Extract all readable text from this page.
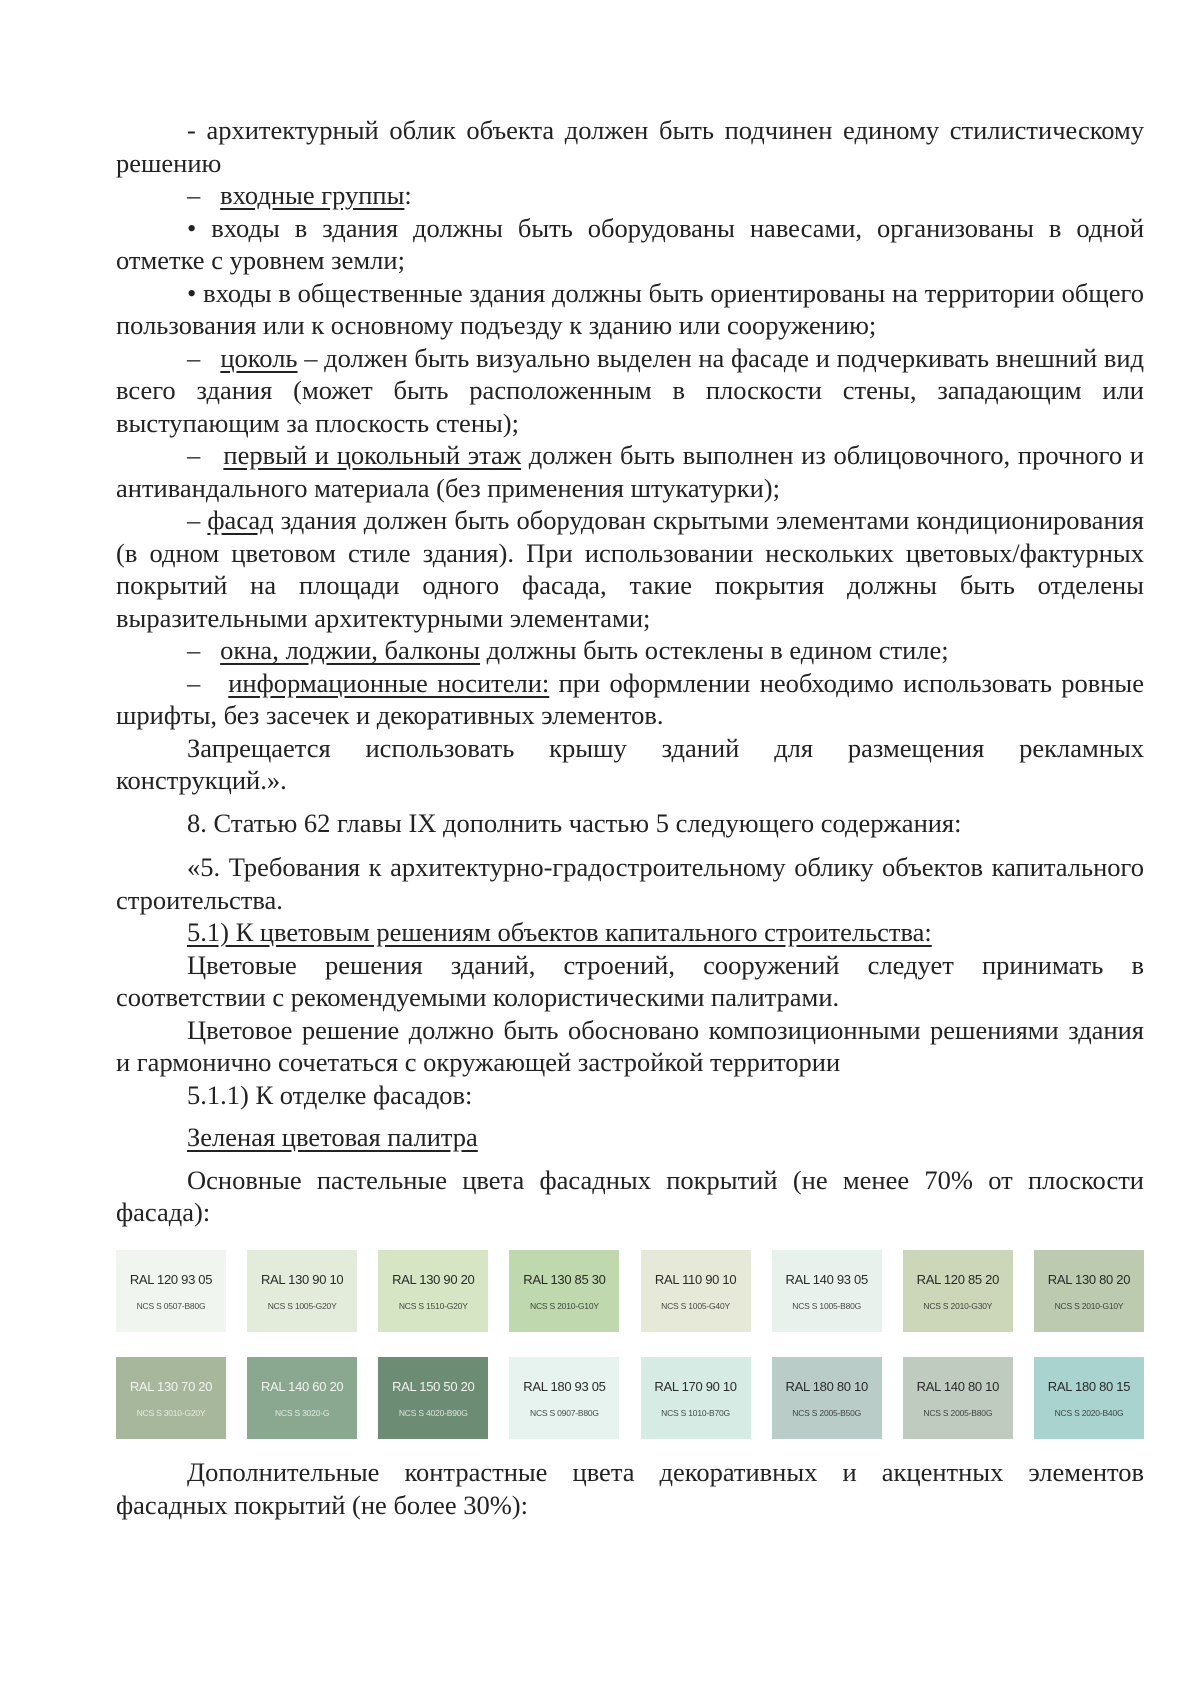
- архитектурный облик объекта должен быть подчинен единому стилистическому решению

– входные группы:

• входы в здания должны быть оборудованы навесами, организованы в одной отметке с уровнем земли;

• входы в общественные здания должны быть ориентированы на территории общего пользования или к основному подъезду к зданию или сооружению;

– цоколь – должен быть визуально выделен на фасаде и подчеркивать внешний вид всего здания (может быть расположенным в плоскости стены, западающим или выступающим за плоскость стены);

– первый и цокольный этаж должен быть выполнен из облицовочного, прочного и антивандального материала (без применения штукатурки);

– фасад здания должен быть оборудован скрытыми элементами кондиционирования (в одном цветовом стиле здания). При использовании нескольких цветовых/фактурных покрытий на площади одного фасада, такие покрытия должны быть отделены выразительными архитектурными элементами;

– окна, лоджии, балконы должны быть остеклены в едином стиле;

– информационные носители: при оформлении необходимо использовать ровные шрифты, без засечек и декоративных элементов.

Запрещается использовать крышу зданий для размещения рекламных конструкций.».

8. Статью 62 главы IX дополнить частью 5 следующего содержания:

«5. Требования к архитектурно-градостроительному облику объектов капитального строительства.

5.1) К цветовым решениям объектов капитального строительства:

Цветовые решения зданий, строений, сооружений следует принимать в соответствии с рекомендуемыми колористическими палитрами.

Цветовое решение должно быть обосновано композиционными решениями здания и гармонично сочетаться с окружающей застройкой территории

5.1.1) К отделке фасадов:

Зеленая цветовая палитра

Основные пастельные цвета фасадных покрытий (не менее 70% от плоскости фасада):

RAL 120 93 05
NCS S 0507-B80G
RAL 130 90 10
NCS S 1005-G20Y
RAL 130 90 20
NCS S 1510-G20Y
RAL 130 85 30
NCS S 2010-G10Y
RAL 110 90 10
NCS S 1005-G40Y
RAL 140 93 05
NCS S 1005-B80G
RAL 120 85 20
NCS S 2010-G30Y
RAL 130 80 20
NCS S 2010-G10Y
RAL 130 70 20
NCS S 3010-G20Y
RAL 140 60 20
NCS S 3020-G
RAL 150 50 20
NCS S 4020-B90G
RAL 180 93 05
NCS S 0907-B80G
RAL 170 90 10
NCS S 1010-B70G
RAL 180 80 10
NCS S 2005-B50G
RAL 140 80 10
NCS S 2005-B80G
RAL 180 80 15
NCS S 2020-B40G

Дополнительные контрастные цвета декоративных и акцентных элементов фасадных покрытий (не более 30%):
